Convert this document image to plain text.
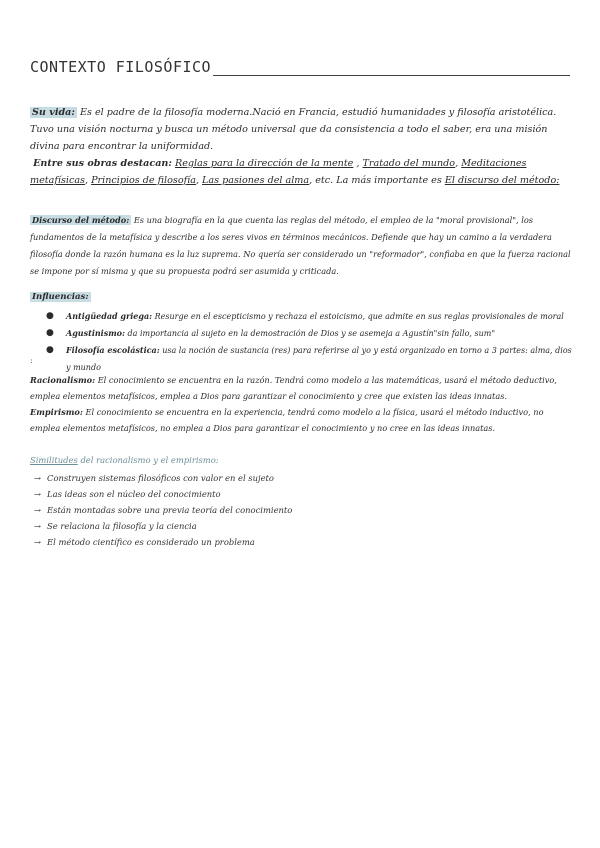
CONTEXTO FILOSÓFICO
Su vida: Es el padre de la filosofía moderna.Nació en Francia, estudió humanidades y filosofía aristotélica. Tuvo una visión nocturna y busca un método universal que da consistencia a todo el saber, era una misión divina para encontrar la uniformidad.
Entre sus obras destacan: Reglas para la dirección de la mente , Tratado del mundo, Meditaciones metafísicas, Principios de filosofía, Las pasiones del alma, etc. La más importante es El discurso del método:
Discurso del método: Es una biografía en la que cuenta las reglas del método, el empleo de la "moral provisional", los fundamentos de la metafísica y describe a los seres vivos en términos mecánicos. Defiende que hay un camino a la verdadera filosofía donde la razón humana es la luz suprema. No quería ser considerado un "reformador", confiaba en que la fuerza racional se impone por sí misma y que su propuesta podrá ser asumida y criticada.
Influencias:
● Antigüedad griega: Resurge en el escepticismo y rechaza el estoicismo, que admite en sus reglas provisionales de moral
● Agustinismo: da importancia al sujeto en la demostración de Dios y se asemeja a Agustín"sin fallo, sum"
● Filosofía escolástica: usa la noción de sustancia (res) para referirse al yo y está organizado en torno a 3 partes: alma, dios y mundo
:
Racionalismo: El conocimiento se encuentra en la razón. Tendrá como modelo a las matemáticas, usará el método deductivo, emplea elementos metafísicos, emplea a Dios para garantizar el conocimiento y cree que existen las ideas innatas.
Empirismo: El conocimiento se encuentra en la experiencia, tendrá como modelo a la física, usará el método inductivo, no emplea elementos metafísicos, no emplea a Dios para garantizar el conocimiento y no cree en las ideas innatas.
Similitudes del racionalismo y el empirismo:
→ Construyen sistemas filosóficos con valor en el sujeto
→ Las ideas son el núcleo del conocimiento
→ Están montadas sobre una previa teoría del conocimiento
→ Se relaciona la filosofía y la ciencia
→ El método científico es considerado un problema
